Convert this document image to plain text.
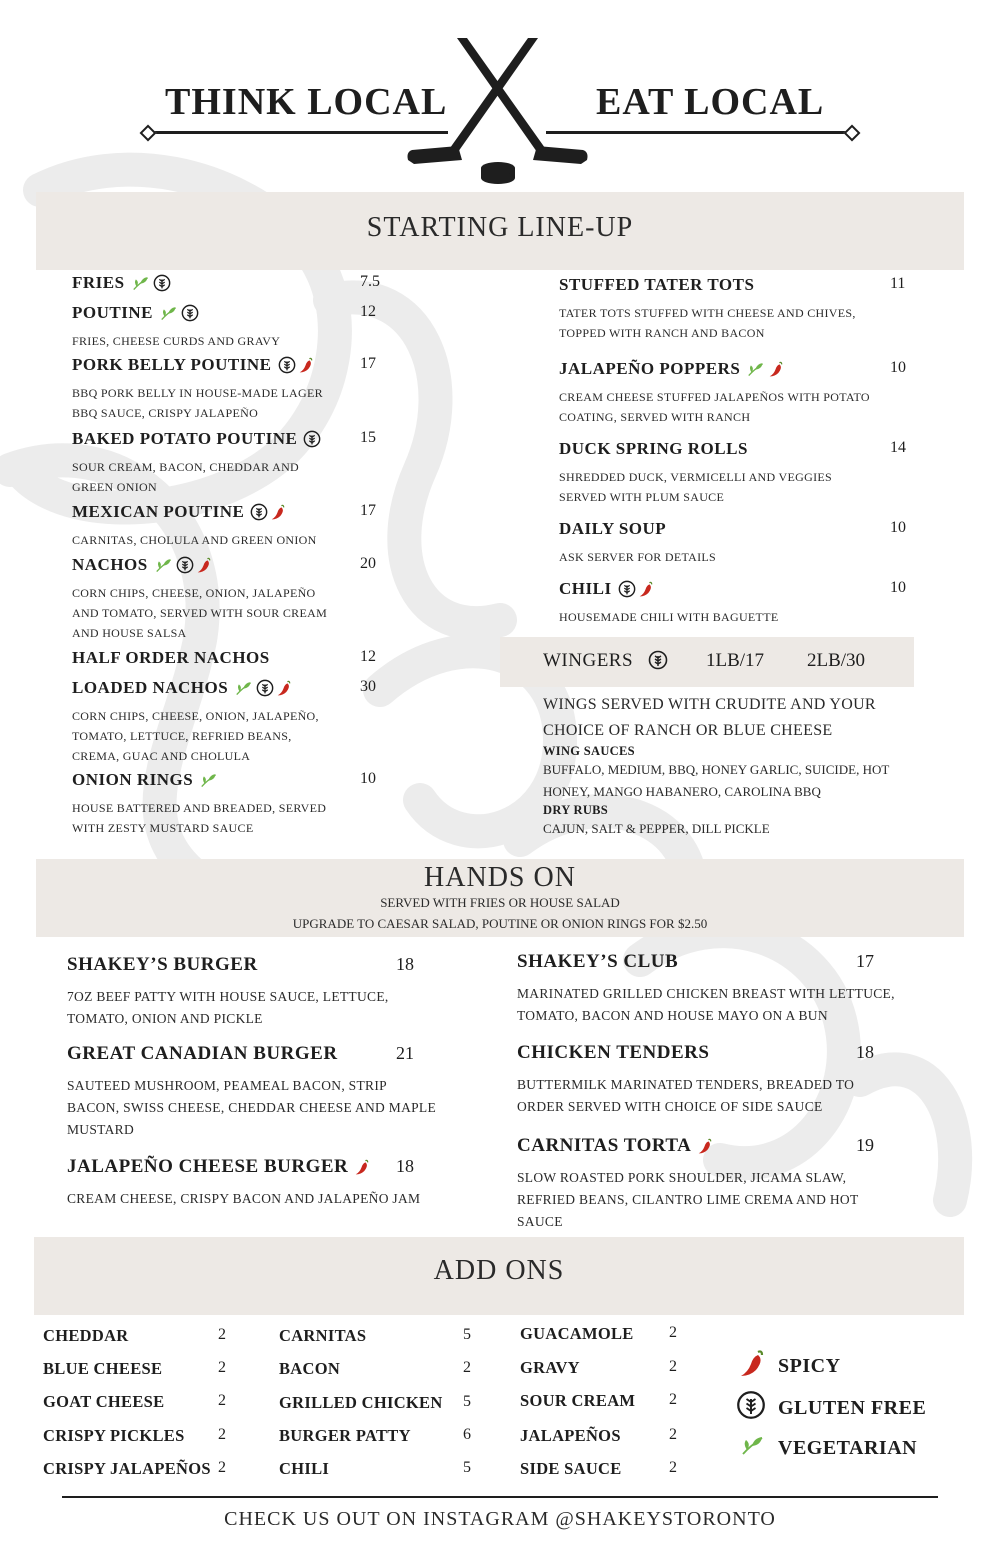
THINK LOCAL	EAT LOCAL
STARTING LINE-UP
FRIES	7.5
POUTINE	12
FRIES, CHEESE CURDS AND GRAVY
PORK BELLY POUTINE	17
BBQ PORK BELLY IN HOUSE-MADE LAGER BBQ SAUCE, CRISPY JALAPEÑO
BAKED POTATO POUTINE	15
SOUR CREAM, BACON, CHEDDAR AND GREEN ONION
MEXICAN POUTINE	17
CARNITAS, CHOLULA AND GREEN ONION
NACHOS	20
CORN CHIPS, CHEESE, ONION, JALAPEÑO AND TOMATO, SERVED WITH SOUR CREAM AND HOUSE SALSA
HALF ORDER NACHOS	12
LOADED NACHOS	30
CORN CHIPS, CHEESE, ONION, JALAPEÑO, TOMATO, LETTUCE, REFRIED BEANS, CREMA, GUAC AND CHOLULA
ONION RINGS	10
HOUSE BATTERED AND BREADED, SERVED WITH ZESTY MUSTARD SAUCE
STUFFED TATER TOTS	11
TATER TOTS STUFFED WITH CHEESE AND CHIVES, TOPPED WITH RANCH AND BACON
JALAPEÑO POPPERS	10
CREAM CHEESE STUFFED JALAPEÑOS WITH POTATO COATING, SERVED WITH RANCH
DUCK SPRING ROLLS	14
SHREDDED DUCK, VERMICELLI AND VEGGIES SERVED WITH PLUM SAUCE
DAILY SOUP	10
ASK SERVER FOR DETAILS
CHILI	10
HOUSEMADE CHILI WITH BAGUETTE
WINGERS	1LB/17 2LB/30
WINGS SERVED WITH CRUDITE AND YOUR CHOICE OF RANCH OR BLUE CHEESE
WING SAUCES
BUFFALO, MEDIUM, BBQ, HONEY GARLIC, SUICIDE, HOT HONEY, MANGO HABANERO, CAROLINA BBQ
DRY RUBS
CAJUN, SALT & PEPPER, DILL PICKLE
HANDS ON
SERVED WITH FRIES OR HOUSE SALAD
UPGRADE TO CAESAR SALAD, POUTINE OR ONION RINGS FOR $2.50
SHAKEY’S BURGER	18
7OZ BEEF PATTY WITH HOUSE SAUCE, LETTUCE, TOMATO, ONION AND PICKLE
GREAT CANADIAN BURGER	21
SAUTEED MUSHROOM, PEAMEAL BACON, STRIP BACON, SWISS CHEESE, CHEDDAR CHEESE AND MAPLE MUSTARD
JALAPEÑO CHEESE BURGER	18
CREAM CHEESE, CRISPY BACON AND JALAPEÑO JAM
SHAKEY’S CLUB	17
MARINATED GRILLED CHICKEN BREAST WITH LETTUCE, TOMATO, BACON AND HOUSE MAYO ON A BUN
CHICKEN TENDERS	18
BUTTERMILK MARINATED TENDERS, BREADED TO ORDER SERVED WITH CHOICE OF SIDE SAUCE
CARNITAS TORTA	19
SLOW ROASTED PORK SHOULDER, JICAMA SLAW, REFRIED BEANS, CILANTRO LIME CREMA AND HOT SAUCE
ADD ONS
CHEDDAR	2
BLUE CHEESE	2
GOAT CHEESE	2
CRISPY PICKLES 2
CRISPY JALAPEÑOS 2
CARNITAS	5
BACON	2
GRILLED CHICKEN 5
BURGER PATTY	6
CHILI	5
GUACAMOLE 2
GRAVY	2
SOUR CREAM 2
JALAPEÑOS	2
SIDE SAUCE	2
SPICY
GLUTEN FREE
VEGETARIAN
CHECK US OUT ON INSTAGRAM @SHAKEYSTORONTO
